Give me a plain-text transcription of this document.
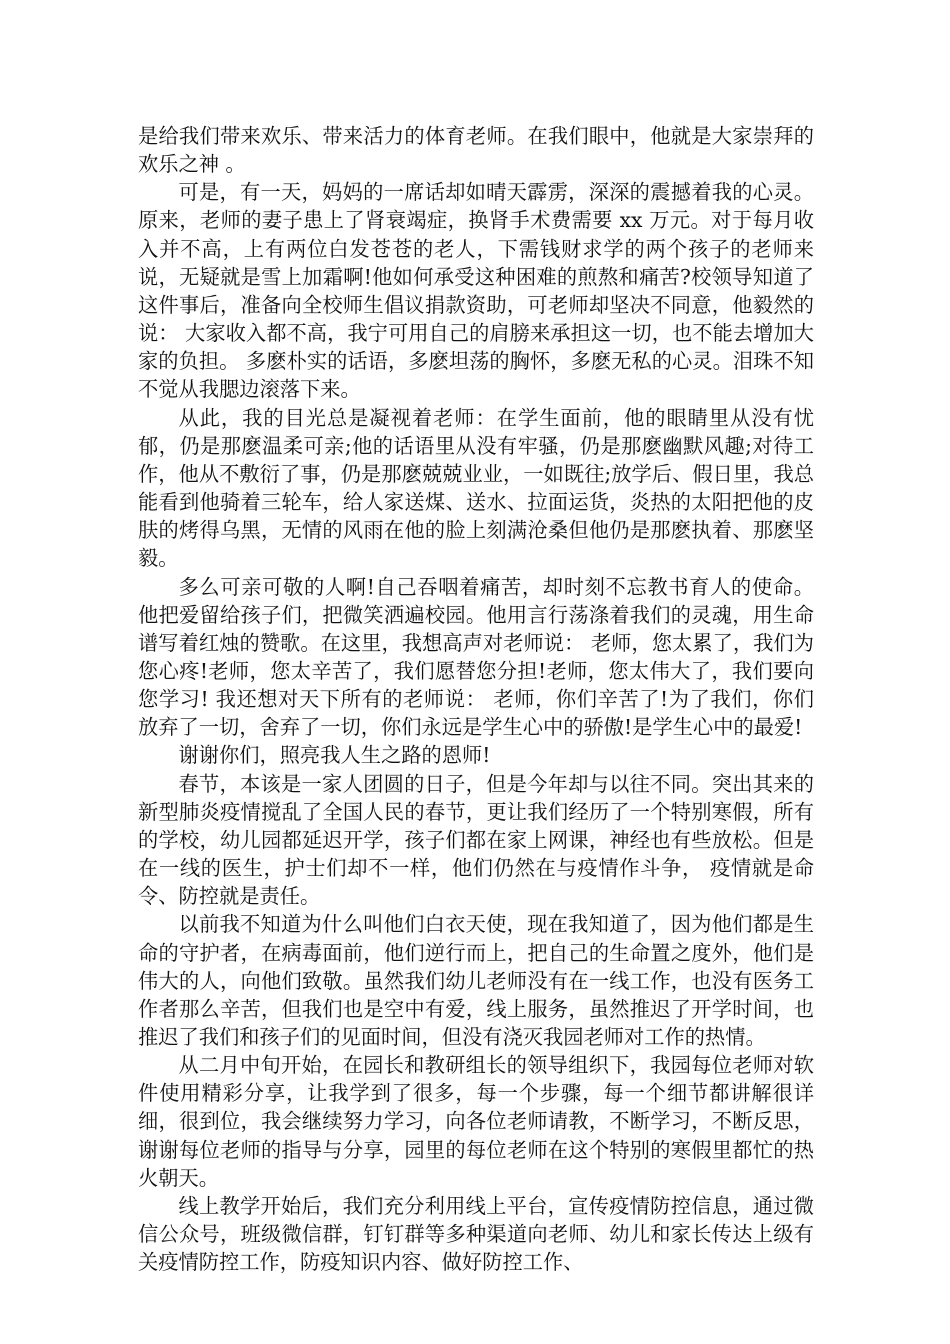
是给我们带来欢乐、带来活力的体育老师。在我们眼中，他就是大家崇拜的 欢乐之神 。

可是，有一天，妈妈的一席话却如晴天霹雳，深深的震撼着我的心灵。原来，老师的妻子患上了肾衰竭症，换肾手术费需要 xx 万元。对于每月收入并不高，上有两位白发苍苍的老人，下需钱财求学的两个孩子的老师来说，无疑就是雪上加霜啊!他如何承受这种困难的煎熬和痛苦?校领导知道了这件事后，准备向全校师生倡议捐款资助，可老师却坚决不同意，他毅然的说： 大家收入都不高，我宁可用自己的肩膀来承担这一切，也不能去增加大家的负担。 多麽朴实的话语，多麽坦荡的胸怀，多麽无私的心灵。泪珠不知不觉从我腮边滚落下来。

从此，我的目光总是凝视着老师：在学生面前，他的眼睛里从没有忧郁，仍是那麽温柔可亲;他的话语里从没有牢骚，仍是那麽幽默风趣;对待工作，他从不敷衍了事，仍是那麽兢兢业业，一如既往;放学后、假日里，我总能看到他骑着三轮车，给人家送煤、送水、拉面运货，炎热的太阳把他的皮肤的烤得乌黑，无情的风雨在他的脸上刻满沧桑但他仍是那麽执着、那麽坚毅。

多么可亲可敬的人啊!自己吞咽着痛苦，却时刻不忘教书育人的使命。他把爱留给孩子们，把微笑洒遍校园。他用言行荡涤着我们的灵魂，用生命谱写着红烛的赞歌。在这里，我想高声对老师说： 老师，您太累了，我们为您心疼!老师，您太辛苦了，我们愿替您分担!老师，您太伟大了，我们要向您学习! 我还想对天下所有的老师说： 老师，你们辛苦了!为了我们，你们放弃了一切，舍弃了一切，你们永远是学生心中的骄傲!是学生心中的最爱!

谢谢你们，照亮我人生之路的恩师!

春节，本该是一家人团圆的日子，但是今年却与以往不同。突出其来的新型肺炎疫情搅乱了全国人民的春节，更让我们经历了一个特别寒假，所有的学校，幼儿园都延迟开学，孩子们都在家上网课，神经也有些放松。但是在一线的医生，护士们却不一样，他们仍然在与疫情作斗争， 疫情就是命令、防控就是责任。

以前我不知道为什么叫他们白衣天使，现在我知道了，因为他们都是生命的守护者，在病毒面前，他们逆行而上，把自己的生命置之度外，他们是伟大的人，向他们致敬。虽然我们幼儿老师没有在一线工作，也没有医务工作者那么辛苦，但我们也是空中有爱，线上服务，虽然推迟了开学时间，也推迟了我们和孩子们的见面时间，但没有浇灭我园老师对工作的热情。

从二月中旬开始，在园长和教研组长的领导组织下，我园每位老师对软件使用精彩分享，让我学到了很多，每一个步骤，每一个细节都讲解很详细，很到位，我会继续努力学习，向各位老师请教，不断学习，不断反思，谢谢每位老师的指导与分享，园里的每位老师在这个特别的寒假里都忙的热火朝天。

线上教学开始后，我们充分利用线上平台，宣传疫情防控信息，通过微信公众号，班级微信群，钉钉群等多种渠道向老师、幼儿和家长传达上级有关疫情防控工作，防疫知识内容、做好防控工作、
